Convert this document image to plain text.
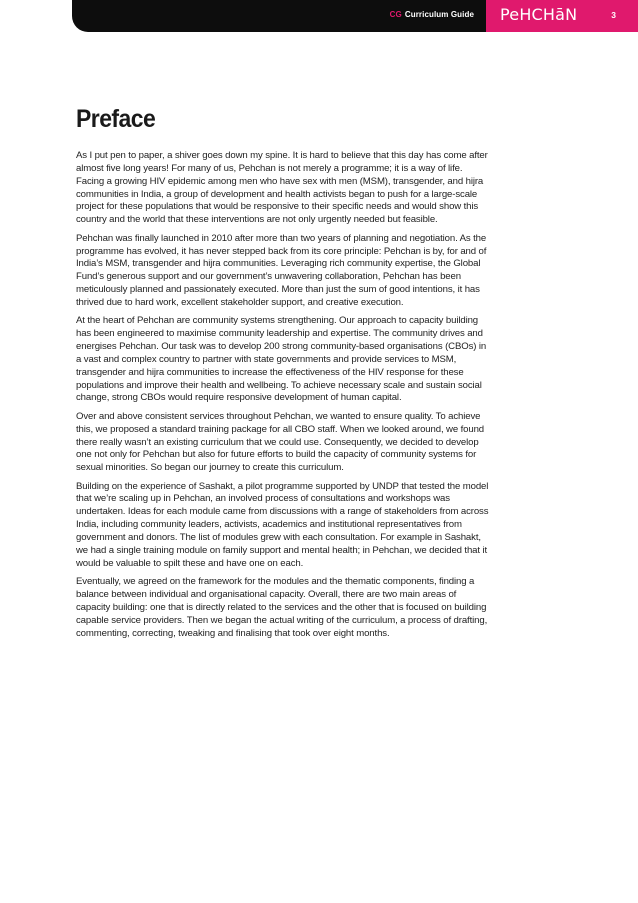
CG Curriculum Guide PeHCHāN	3
Preface

As I put pen to paper, a shiver goes down my spine. It is hard to believe that this day has come after almost five long years! For many of us, Pehchan is not merely a programme; it is a way of life. Facing a growing HIV epidemic among men who have sex with men (MSM), transgender, and hijra communities in India, a group of development and health activists began to push for a large-scale project for these populations that would be responsive to their specific needs and would show this country and the world that these interventions are not only urgently needed but feasible.

Pehchan was finally launched in 2010 after more than two years of planning and negotiation. As the programme has evolved, it has never stepped back from its core principle: Pehchan is by, for and of India’s MSM, transgender and hijra communities. Leveraging rich community expertise, the Global Fund’s generous support and our government’s unwavering collaboration, Pehchan has been meticulously planned and passionately executed. More than just the sum of good intentions, it has thrived due to hard work, excellent stakeholder support, and creative execution.

At the heart of Pehchan are community systems strengthening. Our approach to capacity building has been engineered to maximise community leadership and expertise. The community drives and energises Pehchan. Our task was to develop 200 strong community-based organisations (CBOs) in a vast and complex country to partner with state governments and provide services to MSM, transgender and hijra communities to increase the effectiveness of the HIV response for these populations and improve their health and wellbeing. To achieve necessary scale and sustain social change, strong CBOs would require responsive development of human capital.

Over and above consistent services throughout Pehchan, we wanted to ensure quality. To achieve this, we proposed a standard training package for all CBO staff. When we looked around, we found there really wasn’t an existing curriculum that we could use. Consequently, we decided to develop one not only for Pehchan but also for future efforts to build the capacity of community systems for sexual minorities. So began our journey to create this curriculum.

Building on the experience of Sashakt, a pilot programme supported by UNDP that tested the model that we’re scaling up in Pehchan, an involved process of consultations and workshops was undertaken. Ideas for each module came from discussions with a range of stakeholders from across India, including community leaders, activists, academics and institutional representatives from government and donors. The list of modules grew with each consultation. For example in Sashakt, we had a single training module on family support and mental health; in Pehchan, we decided that it would be valuable to spilt these and have one on each.

Eventually, we agreed on the framework for the modules and the thematic components, finding a balance between individual and organisational capacity. Overall, there are two main areas of capacity building: one that is directly related to the services and the other that is focused on building capable service providers. Then we began the actual writing of the curriculum, a process of drafting, commenting, correcting, tweaking and finalising that took over eight months.
